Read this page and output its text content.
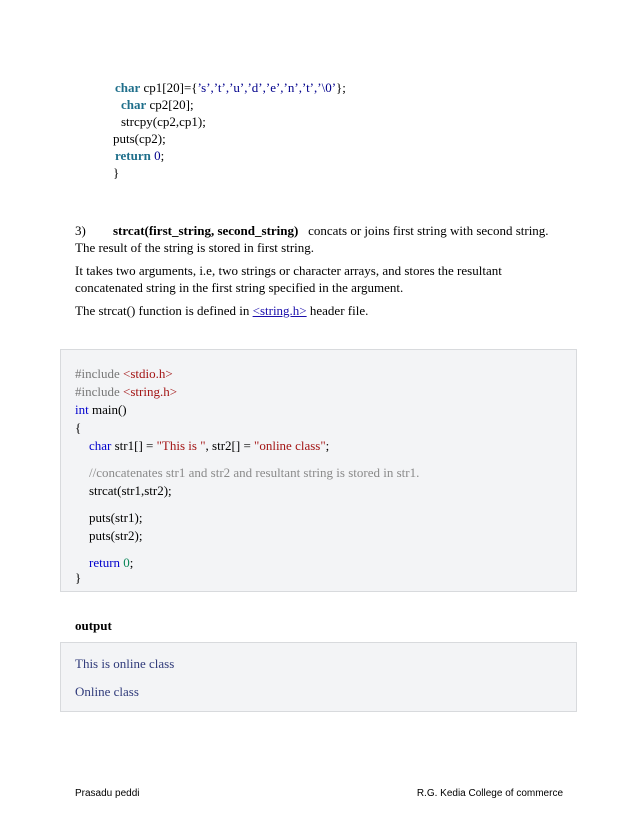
char cp1[20]={’s’,’t’,’u’,’d’,’e’,’n’,’t’,’\0’};
char cp2[20];
strcpy(cp2,cp1);
puts(cp2);
return 0;
}

3) strcat(first_string, second_string) concats or joins first string with second string. The result of the string is stored in first string.

It takes two arguments, i.e, two strings or character arrays, and stores the resultant concatenated string in the first string specified in the argument.

The strcat() function is defined in <string.h> header file.

#include <stdio.h>
#include <string.h>
int main()
{
char str1[] = "This is ", str2[] = "online class";
//concatenates str1 and str2 and resultant string is stored in str1.
strcat(str1,str2);
puts(str1);
puts(str2);
return 0;
}
output
This is online class
Online class
Prasadu peddi	R.G. Kedia College of commerce
